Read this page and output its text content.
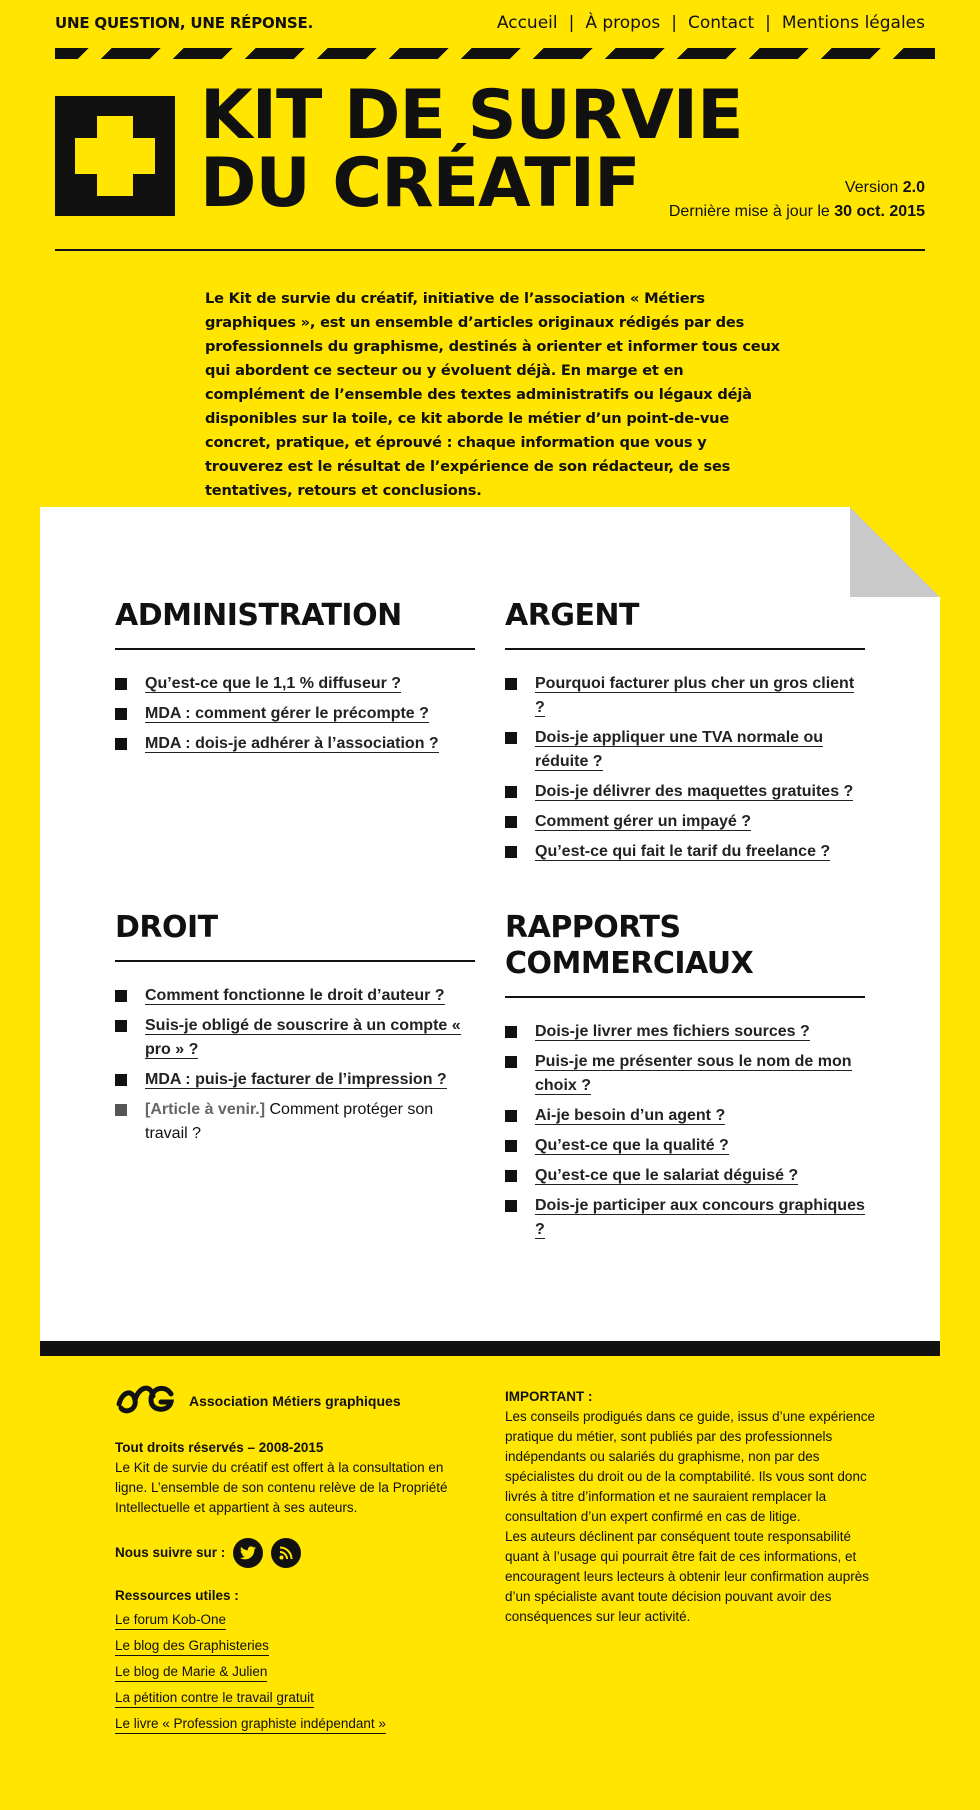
UNE QUESTION, UNE RÉPONSE.	Accueil | À propos | Contact | Mentions légales
KIT DE SURVIE
DU CRÉATIF	Version 2.0
Dernière mise à jour le 30 oct. 2015

Le Kit de survie du créatif, initiative de l’association « Métiers graphiques », est un ensemble d’articles originaux rédigés par des professionnels du graphisme, destinés à orienter et informer tous ceux qui abordent ce secteur ou y évoluent déjà. En marge et en complément de l’ensemble des textes administratifs ou légaux déjà disponibles sur la toile, ce kit aborde le métier d’un point-de-vue concret, pratique, et éprouvé : chaque information que vous y trouverez est le résultat de l’expérience de son rédacteur, de ses tentatives, retours et conclusions.

ADMINISTRATION
Qu’est-ce que le 1,1 % diffuseur ?
MDA : comment gérer le précompte ?
MDA : dois-je adhérer à l’association ?
ARGENT
Pourquoi facturer plus cher un gros client ?
Dois-je appliquer une TVA normale ou réduite ?
Dois-je délivrer des maquettes gratuites ?
Comment gérer un impayé ?
Qu’est-ce qui fait le tarif du freelance ?
DROIT
Comment fonctionne le droit d’auteur ?
Suis-je obligé de souscrire à un compte « pro » ?
MDA : puis-je facturer de l’impression ?
[Article à venir.] Comment protéger son travail ?
RAPPORTS
COMMERCIAUX
Dois-je livrer mes fichiers sources ?
Puis-je me présenter sous le nom de mon choix ?
Ai-je besoin d’un agent ?
Qu’est-ce que la qualité ?
Qu’est-ce que le salariat déguisé ?
Dois-je participer aux concours graphiques ?
Association Métiers graphiques
Tout droits réservés – 2008-2015

Le Kit de survie du créatif est offert à la consultation en ligne. L’ensemble de son contenu relève de la Propriété Intellectuelle et appartient à ses auteurs.

Nous suivre sur :
Ressources utiles :
Le forum Kob-One
Le blog des Graphisteries
Le blog de Marie & Julien
La pétition contre le travail gratuit
Le livre « Profession graphiste indépendant »
IMPORTANT :

Les conseils prodigués dans ce guide, issus d’une expérience pratique du métier, sont publiés par des professionnels indépendants ou salariés du graphisme, non par des spécialistes du droit ou de la comptabilité. Ils vous sont donc livrés à titre d’information et ne sauraient remplacer la consultation d’un expert confirmé en cas de litige.

Les auteurs déclinent par conséquent toute responsabilité quant à l’usage qui pourrait être fait de ces informations, et encouragent leurs lecteurs à obtenir leur confirmation auprès d’un spécialiste avant toute décision pouvant avoir des conséquences sur leur activité.
